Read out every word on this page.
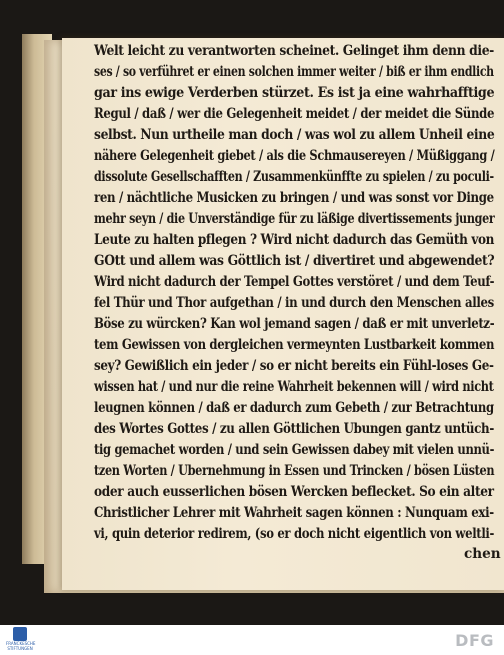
Welt leicht zu verantworten scheinet. Gelinget ihm denn die-
ses / so verführet er einen solchen immer weiter / biß er ihm endlich
gar ins ewige Verderben stürzet. Es ist ja eine wahrhafftige
Regul / daß / wer die Gelegenheit meidet / der meidet die Sünde
selbst. Nun urtheile man doch / was wol zu allem Unheil eine
nähere Gelegenheit giebet / als die Schmausereyen / Müßiggang /
dissolute Gesellschafften / Zusammenkünffte zu spielen / zu poculi-
ren / nächtliche Musicken zu bringen / und was sonst vor Dinge
mehr seyn / die Unverständige für zu läßige divertissements junger
Leute zu halten pflegen ? Wird nicht dadurch das Gemüth von
GOtt und allem was Göttlich ist / divertiret und abgewendet?
Wird nicht dadurch der Tempel Gottes verstöret / und dem Teuf-
fel Thür und Thor aufgethan / in und durch den Menschen alles
Böse zu würcken? Kan wol jemand sagen / daß er mit unverletz-
tem Gewissen von dergleichen vermeynten Lustbarkeit kommen
sey? Gewißlich ein jeder / so er nicht bereits ein Fühl-loses Ge-
wissen hat / und nur die reine Wahrheit bekennen will / wird nicht
leugnen können / daß er dadurch zum Gebeth / zur Betrachtung
des Wortes Gottes / zu allen Göttlichen Ubungen gantz untüch-
tig gemachet worden / und sein Gewissen dabey mit vielen unnü-
tzen Worten / Ubernehmung in Essen und Trincken / bösen Lüsten
oder auch eusserlichen bösen Wercken beflecket. So ein alter
Christlicher Lehrer mit Wahrheit sagen können : Nunquam exi-
vi, quin deterior redirem, (so er doch nicht eigentlich von weltli-
chen
FRANCKESCHE STIFTUNGEN	DFG
